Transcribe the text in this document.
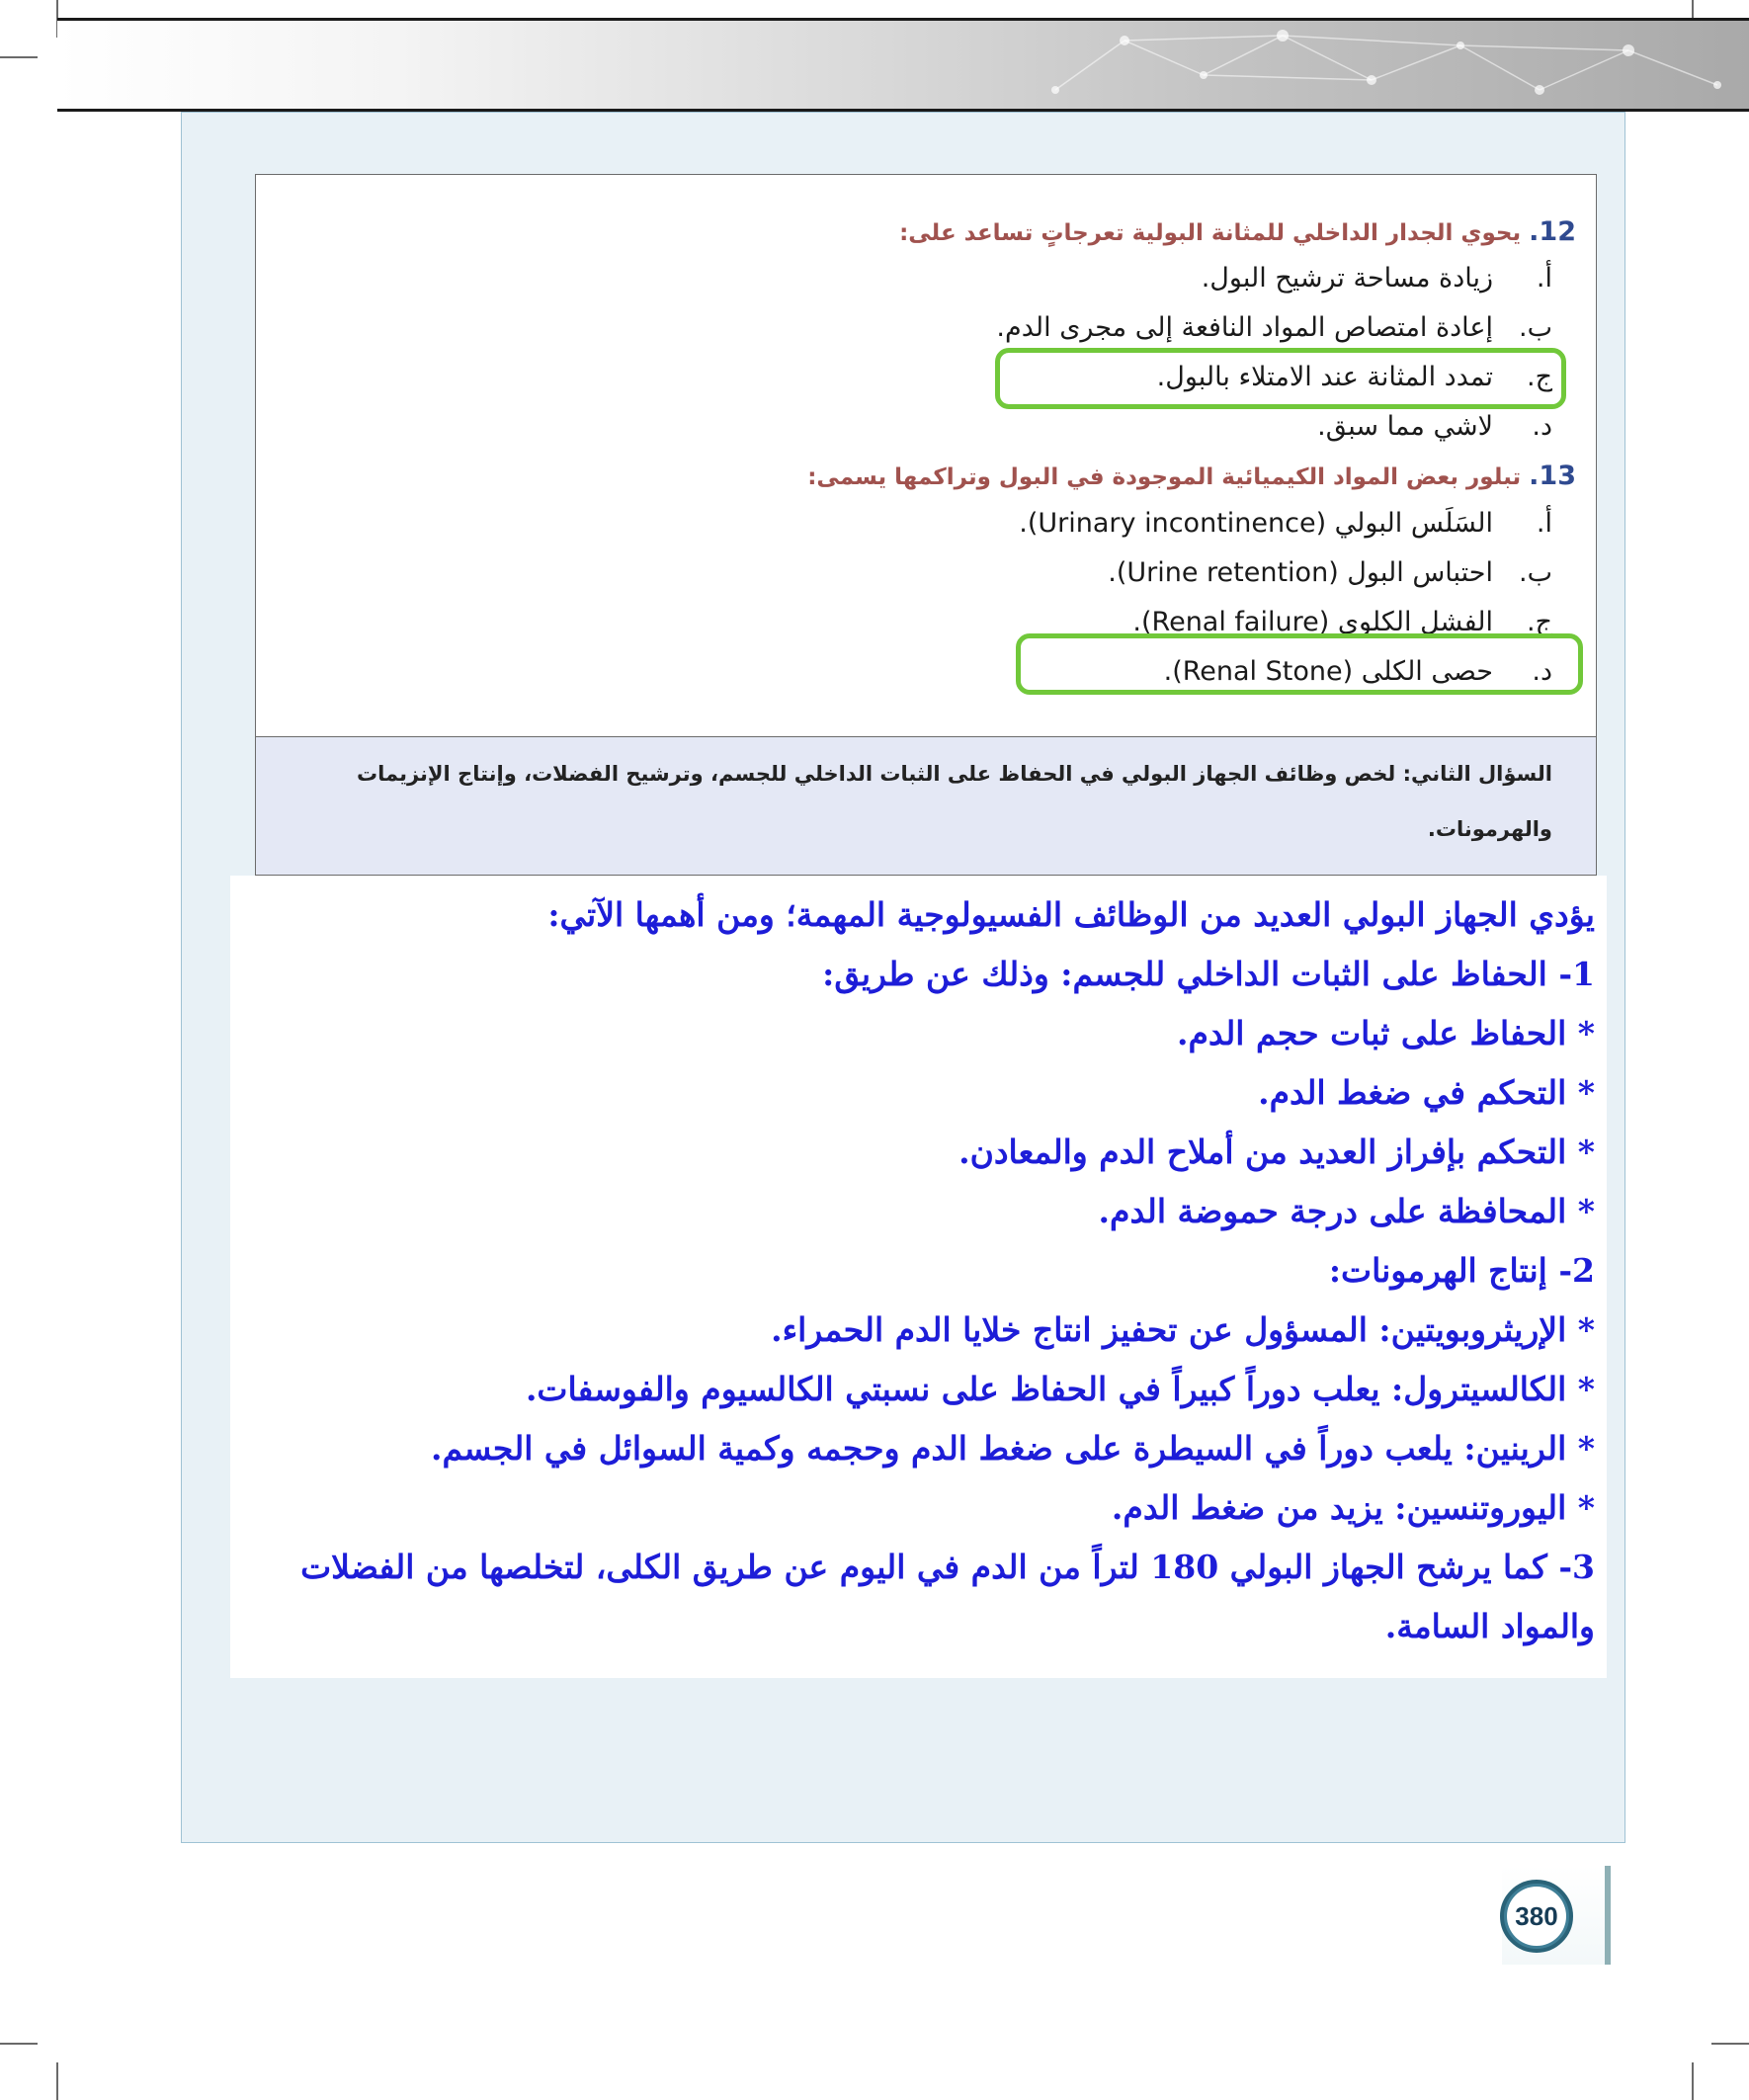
12. يحوي الجدار الداخلي للمثانة البولية تعرجاتٍ تساعد على:
أ.زيادة مساحة ترشيح البول.
ب.إعادة امتصاص المواد النافعة إلى مجرى الدم.
ج.تمدد المثانة عند الامتلاء بالبول.
د.لاشي مما سبق.
13. تبلور بعض المواد الكيميائية الموجودة في البول وتراكمها يسمى:
أ.السَلَس البولي (Urinary incontinence).
ب.احتباس البول (Urine retention).
ج.الفشل الكلوى (Renal failure).
د.حصى الكلى (Renal Stone).
السؤال الثاني: لخص وظائف الجهاز البولي في الحفاظ على الثبات الداخلي للجسم، وترشيح الفضلات، وإنتاج الإنزيمات
والهرمونات.
يؤدي الجهاز البولي العديد من الوظائف الفسيولوجية المهمة؛ ومن أهمها الآتي:
1- الحفاظ على الثبات الداخلي للجسم: وذلك عن طريق:
* الحفاظ على ثبات حجم الدم.
* التحكم في ضغط الدم.
* التحكم بإفراز العديد من أملاح الدم والمعادن.
* المحافظة على درجة حموضة الدم.
2- إنتاج الهرمونات:
* الإريثروبويتين: المسؤول عن تحفيز انتاج خلايا الدم الحمراء.
* الكالسيترول: يعلب دوراً كبيراً في الحفاظ على نسبتي الكالسيوم والفوسفات.
* الرينين: يلعب دوراً في السيطرة على ضغط الدم وحجمه وكمية السوائل في الجسم.
* اليوروتنسين: يزيد من ضغط الدم.
3- كما يرشح الجهاز البولي 180 لتراً من الدم في اليوم عن طريق الكلى، لتخلصها من الفضلات
والمواد السامة.
380
